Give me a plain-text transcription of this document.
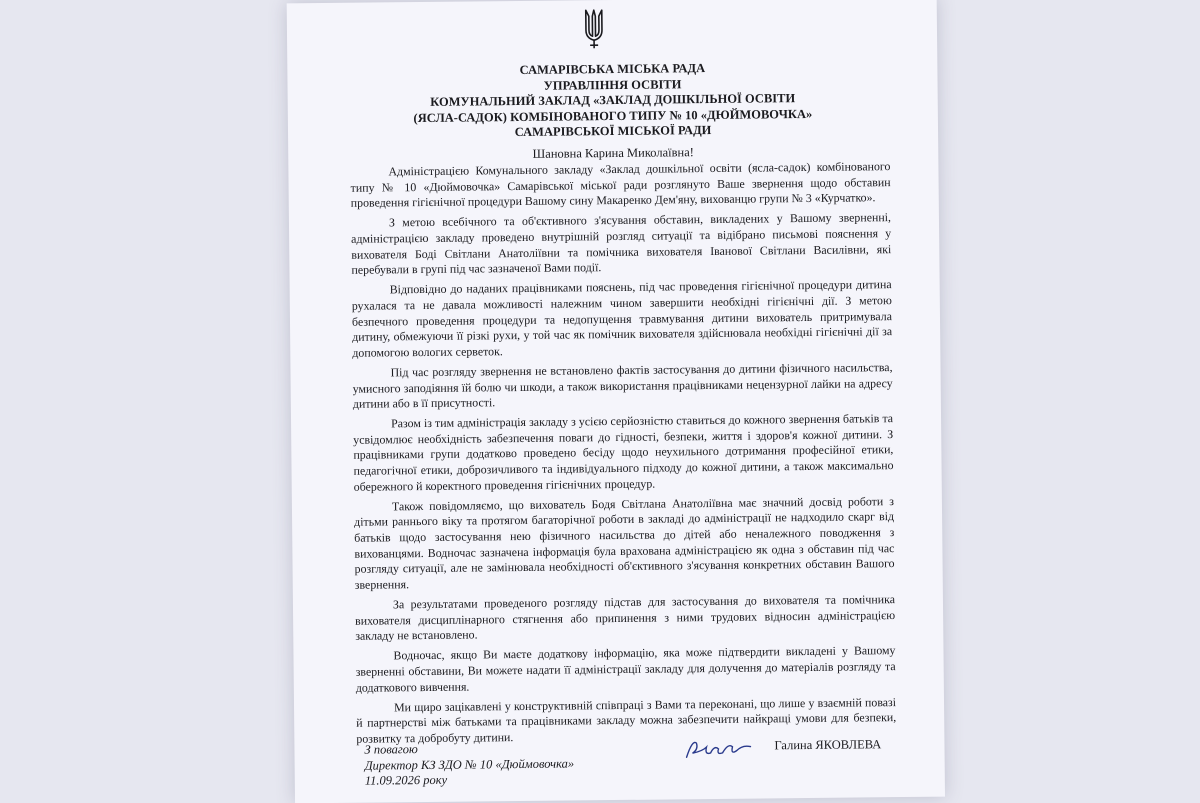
САМАРІВСЬКА МІСЬКА РАДА
УПРАВЛІННЯ ОСВІТИ
КОМУНАЛЬНИЙ ЗАКЛАД «ЗАКЛАД ДОШКІЛЬНОЇ ОСВІТИ
(ЯСЛА-САДОК) КОМБІНОВАНОГО ТИПУ № 10 «ДЮЙМОВОЧКА»
САМАРІВСЬКОЇ МІСЬКОЇ РАДИ
Шановна Карина Миколаївна!

Адміністрацією Комунального закладу «Заклад дошкільної освіти (ясла-садок) комбінованого типу № 10 «Дюймовочка» Самарівської міської ради розглянуто Ваше звернення щодо обставин проведення гігієнічної процедури Вашому сину Макаренко Дем'яну, вихованцю групи № 3 «Курчатко».

З метою всебічного та об'єктивного з'ясування обставин, викладених у Вашому зверненні, адміністрацією закладу проведено внутрішній розгляд ситуації та відібрано письмові пояснення у вихователя Боді Світлани Анатоліївни та помічника вихователя Іванової Світлани Василівни, які перебували в групі під час зазначеної Вами події.

Відповідно до наданих працівниками пояснень, під час проведення гігієнічної процедури дитина рухалася та не давала можливості належним чином завершити необхідні гігієнічні дії. З метою безпечного проведення процедури та недопущення травмування дитини вихователь притримувала дитину, обмежуючи її різкі рухи, у той час як помічник вихователя здійснювала необхідні гігієнічні дії за допомогою вологих серветок.

Під час розгляду звернення не встановлено фактів застосування до дитини фізичного насильства, умисного заподіяння їй болю чи шкоди, а також використання працівниками нецензурної лайки на адресу дитини або в її присутності.

Разом із тим адміністрація закладу з усією серйозністю ставиться до кожного звернення батьків та усвідомлює необхідність забезпечення поваги до гідності, безпеки, життя і здоров'я кожної дитини. З працівниками групи додатково проведено бесіду щодо неухильного дотримання професійної етики, педагогічної етики, доброзичливого та індивідуального підходу до кожної дитини, а також максимально обережного й коректного проведення гігієнічних процедур.

Також повідомляємо, що вихователь Бодя Світлана Анатоліївна має значний досвід роботи з дітьми раннього віку та протягом багаторічної роботи в закладі до адміністрації не надходило скарг від батьків щодо застосування нею фізичного насильства до дітей або неналежного поводження з вихованцями. Водночас зазначена інформація була врахована адміністрацією як одна з обставин під час розгляду ситуації, але не замінювала необхідності об'єктивного з'ясування конкретних обставин Вашого звернення.

За результатами проведеного розгляду підстав для застосування до вихователя та помічника вихователя дисциплінарного стягнення або припинення з ними трудових відносин адміністрацією закладу не встановлено.

Водночас, якщо Ви маєте додаткову інформацію, яка може підтвердити викладені у Вашому зверненні обставини, Ви можете надати її адміністрації закладу для долучення до матеріалів розгляду та додаткового вивчення.

Ми щиро зацікавлені у конструктивній співпраці з Вами та переконані, що лише у взаємній повазі й партнерстві між батьками та працівниками закладу можна забезпечити найкращі умови для безпеки, розвитку та добробуту дитини.

З повагою
Директор КЗ ЗДО № 10 «Дюймовочка»
11.09.2026 року
Галина ЯКОВЛЕВА
